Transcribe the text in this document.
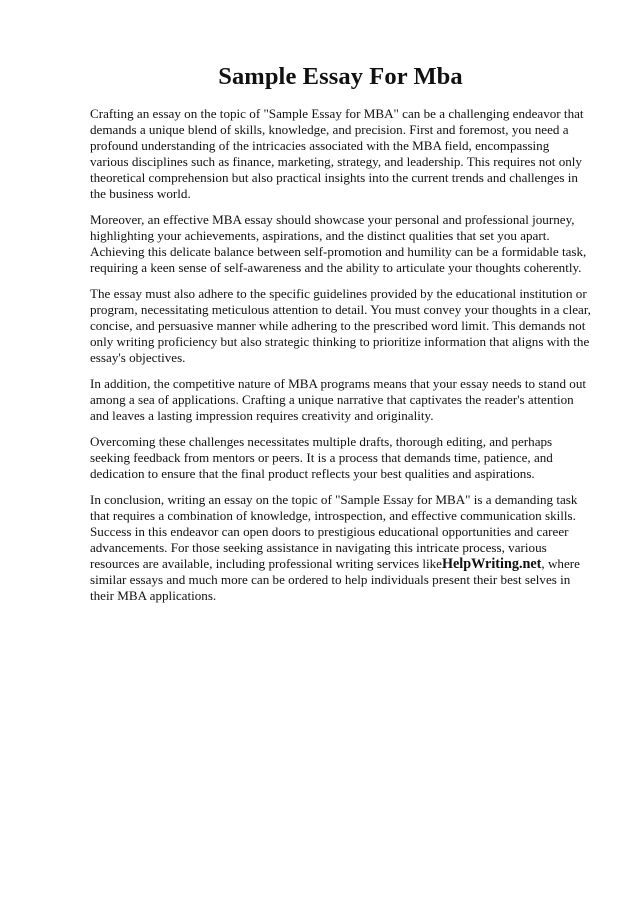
Sample Essay For Mba

Crafting an essay on the topic of "Sample Essay for MBA" can be a challenging endeavor that demands a unique blend of skills, knowledge, and precision. First and foremost, you need a profound understanding of the intricacies associated with the MBA field, encompassing various disciplines such as finance, marketing, strategy, and leadership. This requires not only theoretical comprehension but also practical insights into the current trends and challenges in the business world.

Moreover, an effective MBA essay should showcase your personal and professional journey, highlighting your achievements, aspirations, and the distinct qualities that set you apart. Achieving this delicate balance between self-promotion and humility can be a formidable task, requiring a keen sense of self-awareness and the ability to articulate your thoughts coherently.

The essay must also adhere to the specific guidelines provided by the educational institution or program, necessitating meticulous attention to detail. You must convey your thoughts in a clear, concise, and persuasive manner while adhering to the prescribed word limit. This demands not only writing proficiency but also strategic thinking to prioritize information that aligns with the essay's objectives.

In addition, the competitive nature of MBA programs means that your essay needs to stand out among a sea of applications. Crafting a unique narrative that captivates the reader's attention and leaves a lasting impression requires creativity and originality.

Overcoming these challenges necessitates multiple drafts, thorough editing, and perhaps seeking feedback from mentors or peers. It is a process that demands time, patience, and dedication to ensure that the final product reflects your best qualities and aspirations.

In conclusion, writing an essay on the topic of "Sample Essay for MBA" is a demanding task that requires a combination of knowledge, introspection, and effective communication skills. Success in this endeavor can open doors to prestigious educational opportunities and career advancements. For those seeking assistance in navigating this intricate process, various resources are available, including professional writing services likeHelpWriting.net, where similar essays and much more can be ordered to help individuals present their best selves in their MBA applications.
